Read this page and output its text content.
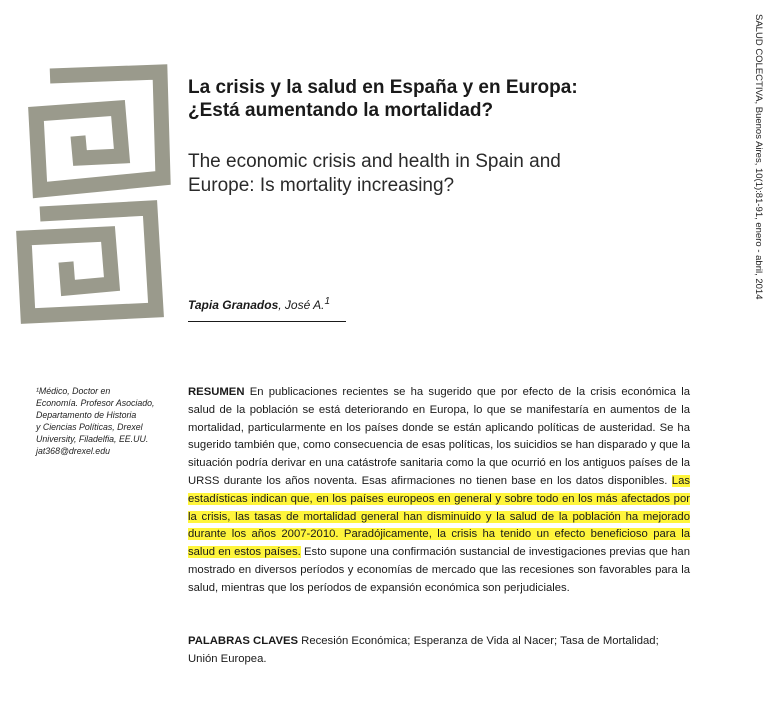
La crisis y la salud en España y en Europa:
¿Está aumentando la mortalidad?
The economic crisis and health in Spain and
Europe: Is mortality increasing?
Tapia Granados, José A.$^1$
SALUD COLECTIVA, Buenos Aires, 10(1):81-91, enero - abril, 2014
¹Médico, Doctor en
Economía. Profesor Asociado,
Departamento de Historia
y Ciencias Políticas, Drexel
University, Filadelfia, EE.UU.
jat368@drexel.edu
RESUMEN En publicaciones recientes se ha sugerido que por efecto de la crisis económica la salud de la población se está deteriorando en Europa, lo que se manifestaría en aumentos de la mortalidad, particularmente en los países donde se están aplicando políticas de austeridad. Se ha sugerido también que, como consecuencia de esas políticas, los suicidios se han disparado y que la situación podría derivar en una catástrofe sanitaria como la que ocurrió en los antiguos países de la URSS durante los años noventa. Esas afirmaciones no tienen base en los datos disponibles. Las estadísticas indican que, en los países europeos en general y sobre todo en los más afectados por la crisis, las tasas de mortalidad general han disminuido y la salud de la población ha mejorado durante los años 2007-2010. Paradójicamente, la crisis ha tenido un efecto beneficioso para la salud en estos países. Esto supone una confirmación sustancial de investigaciones previas que han mostrado en diversos períodos y economías de mercado que las recesiones son favorables para la salud, mientras que los períodos de expansión económica son perjudiciales.
PALABRAS CLAVES Recesión Económica; Esperanza de Vida al Nacer; Tasa de Mortalidad; Unión Europea.
